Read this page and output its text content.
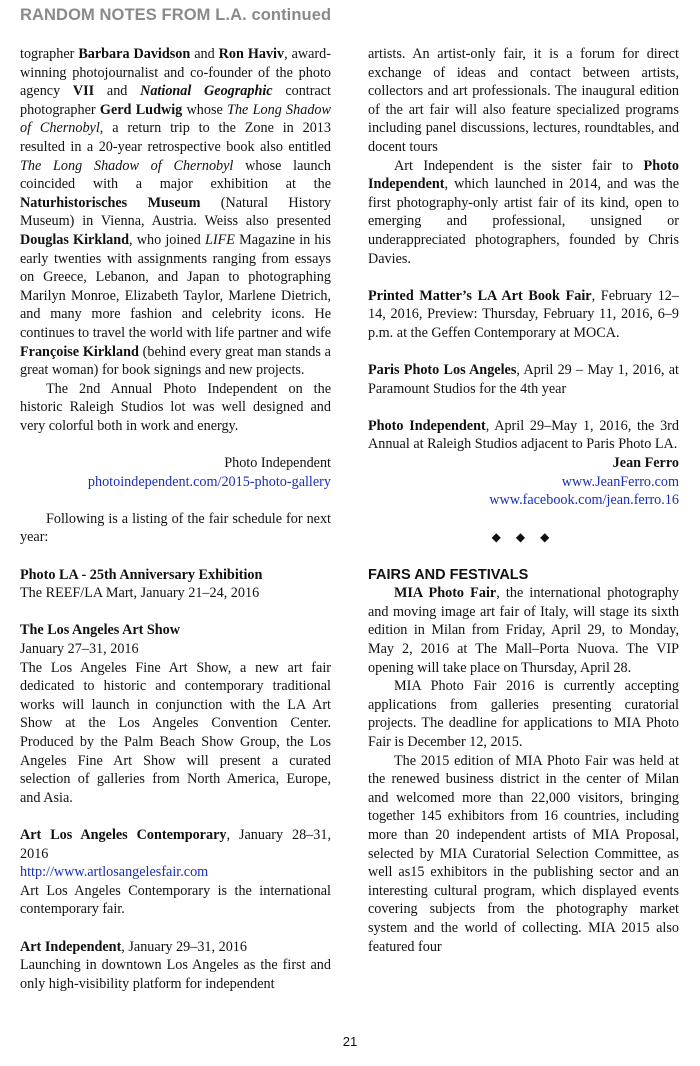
RANDOM NOTES FROM L.A. continued

tographer Barbara Davidson and Ron Haviv, award-winning photojournalist and co-founder of the photo agency VII and National Geographic contract photographer Gerd Ludwig whose The Long Shadow of Chernobyl, a return trip to the Zone in 2013 resulted in a 20-year retrospective book also entitled The Long Shadow of Chernobyl whose launch coincided with a major exhibition at the Naturhistorisches Museum (Natural History Museum) in Vienna, Austria. Weiss also presented Douglas Kirkland, who joined LIFE Magazine in his early twenties with assignments ranging from essays on Greece, Lebanon, and Japan to photographing Marilyn Monroe, Elizabeth Taylor, Marlene Dietrich, and many more fashion and celebrity icons. He continues to travel the world with life partner and wife Françoise Kirkland (behind every great man stands a great woman) for book signings and new projects.

The 2nd Annual Photo Independent on the historic Raleigh Studios lot was well designed and very colorful both in work and energy.

Photo Independent

photoindependent.com/2015-photo-gallery

Following is a listing of the fair schedule for next year:

Photo LA - 25th Anniversary Exhibition
The REEF/LA Mart, January 21–24, 2016

The Los Angeles Art Show
January 27–31, 2016
The Los Angeles Fine Art Show, a new art fair dedicated to historic and contemporary traditional works will launch in conjunction with the LA Art Show at the Los Angeles Convention Center. Produced by the Palm Beach Show Group, the Los Angeles Fine Art Show will present a curated selection of galleries from North America, Europe, and Asia.

Art Los Angeles Contemporary, January 28–31, 2016
http://www.artlosangelesfair.com
Art Los Angeles Contemporary is the international contemporary fair.

Art Independent, January 29–31, 2016
Launching in downtown Los Angeles as the first and only high-visibility platform for independent

artists. An artist-only fair, it is a forum for direct exchange of ideas and contact between artists, collectors and art professionals. The inaugural edition of the art fair will also feature specialized programs including panel discussions, lectures, roundtables, and docent tours

Art Independent is the sister fair to Photo Independent, which launched in 2014, and was the first photography-only artist fair of its kind, open to emerging and professional, unsigned or underappreciated photographers, founded by Chris Davies.

Printed Matter’s LA Art Book Fair, February 12–14, 2016, Preview: Thursday, February 11, 2016, 6–9 p.m. at the Geffen Contemporary at MOCA.

Paris Photo Los Angeles, April 29 – May 1, 2016, at Paramount Studios for the 4th year

Photo Independent, April 29–May 1, 2016, the 3rd Annual at Raleigh Studios adjacent to Paris Photo LA.

Jean Ferro

www.JeanFerro.com

www.facebook.com/jean.ferro.16

◆ ◆ ◆

FAIRS AND FESTIVALS

MIA Photo Fair, the international photography and moving image art fair of Italy, will stage its sixth edition in Milan from Friday, April 29, to Monday, May 2, 2016 at The Mall–Porta Nuova. The VIP opening will take place on Thursday, April 28.

MIA Photo Fair 2016 is currently accepting applications from galleries presenting curatorial projects. The deadline for applications to MIA Photo Fair is December 12, 2015.

The 2015 edition of MIA Photo Fair was held at the renewed business district in the center of Milan and welcomed more than 22,000 visitors, bringing together 145 exhibitors from 16 countries, including more than 20 independent artists of MIA Proposal, selected by MIA Curatorial Selection Committee, as well as15 exhibitors in the publishing sector and an interesting cultural program, which displayed events covering subjects from the photography market system and the world of collecting. MIA 2015 also featured four

21
